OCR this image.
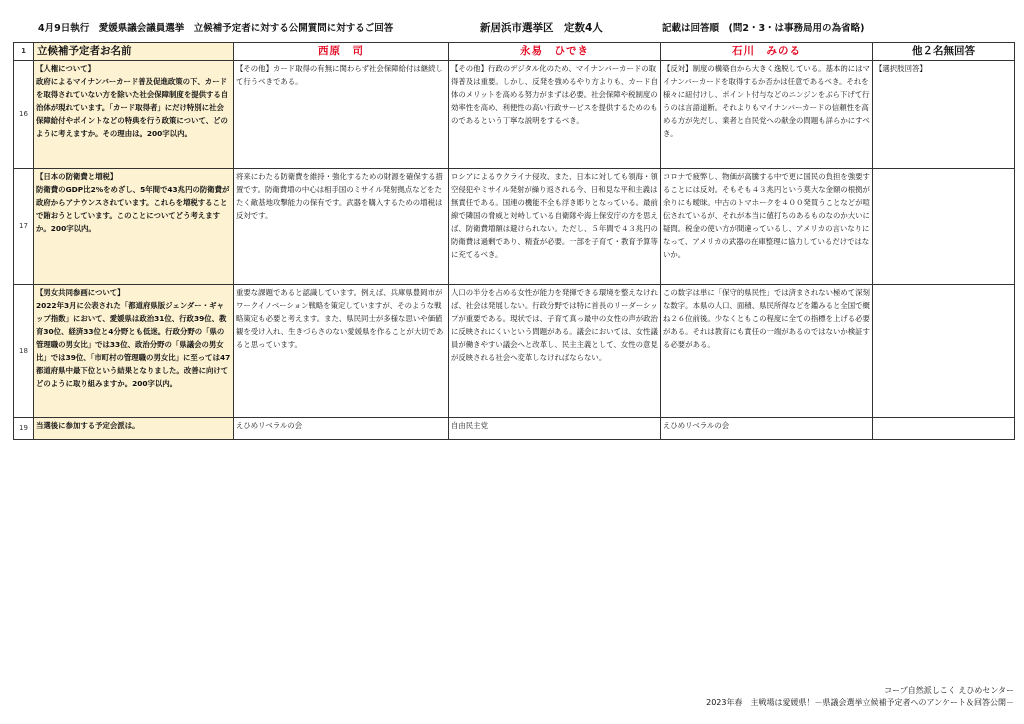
4月9日執行　愛媛県議会議員選挙　立候補予定者に対する公開質問に対するご回答	新居浜市選挙区　定数4人	記載は回答順　(問2・3・は事務局用の為省略)
1	立候補予定者お名前	西原　司	永易　ひでき	石川　みのる	他２名無回答
16	【人権について】
政府によるマイナンバーカード普及促進政策の下、カードを取得されていない方を除いた社会保障制度を提供する自治体が現れています。「カード取得者」にだけ特別に社会保障給付やポイントなどの特典を行う政策について、どのように考えますか。その理由は。200字以内。	【その他】カード取得の有無に関わらず社会保障給付は継続して行うべきである。	【その他】行政のデジタル化のため、マイナンバーカードの取得普及は重要。しかし、反発を強めるやり方よりも、カード自体のメリットを高める努力がまずは必要。社会保障や税制度の効率性を高め、利便性の高い行政サービスを提供するためのものであるという丁寧な説明をするべき。	【反対】制度の構築自から大きく逸脱している。基本的にはマイナンバーカードを取得するか否かは任意であるべき。それを様々に紐付けし、ポイント付与などのニンジンをぶら下げて行うのは言語道断。それよりもマイナンバーカードの信頼性を高める方が先だし、業者と自民党への献金の問題も詳らかにすべき。	【選択肢回答】
17	【日本の防衛費と増税】
防衛費のGDP比2%をめざし、5年間で43兆円の防衛費が政府からアナウンスされています。これらを増税することで賄おうとしています。このことについてどう考えますか。200字以内。	将来にわたる防衛費を維持・強化するための財源を確保する措置です。防衛費増の中心は相手国のミサイル発射拠点などをたたく敵基地攻撃能力の保有です。武器を購入するための増税は反対です。	ロシアによるウクライナ侵攻、また、日本に対しても領海・領空侵犯やミサイル発射が繰り返される今、日和見な平和主義は無責任である。国連の機能不全も浮き彫りとなっている。最前線で隣国の脅威と対峙している自衛隊や海上保安庁の方を思えば、防衛費増額は避けられない。ただし、５年間で４３兆円の防衛費は過剰であり、精査が必要。一部を子育て・教育予算等に充てるべき。	コロナで疲弊し、物価が高騰する中で更に国民の負担を強要することには反対。そもそも４３兆円という莫大な金額の根拠が余りにも曖昧。中古のトマホークを４００発買うことなどが喧伝されているが、それが本当に値打ちのあるものなのか大いに疑問。税金の使い方が間違っているし、アメリカの言いなりになって、アメリカの武器の在庫整理に協力しているだけではないか。	
18	【男女共同参画について】
2022年3月に公表された「都道府県版ジェンダー・ギャップ指数」において、愛媛県は政治31位、行政39位、教育30位、経済33位と4分野とも低迷。行政分野の「県の管理職の男女比」では33位、政治分野の「県議会の男女比」では39位、「市町村の管理職の男女比」に至っては47都道府県中最下位という結果となりました。改善に向けてどのように取り組みますか。200字以内。	重要な課題であると認識しています。例えば、兵庫県豊岡市がワークイノベーション戦略を策定していますが、そのような戦略策定も必要と考えます。また、県民同士が多様な思いや価値観を受け入れ、生きづらさのない愛媛県を作ることが大切であると思っています。	人口の半分を占める女性が能力を発揮できる環境を整えなければ、社会は発展しない。行政分野では特に首長のリーダーシップが重要である。現状では、子育て真っ最中の女性の声が政治に反映されにくいという問題がある。議会においては、女性議員が働きやすい議会へと改革し、民主主義として、女性の意見が反映される社会へ変革しなければならない。	この数字は単に「保守的県民性」では済まされない極めて深刻な数字。本県の人口、面積、県民所得などを鑑みると全国で概ね２６位前後。少なくともこの程度に全ての指標を上げる必要がある。それは教育にも責任の一端があるのではないか検証する必要がある。	
19	当選後に参加する予定会派は。	えひめリベラルの会	自由民主党	えひめリベラルの会	
コープ自然派しこく えひめセンター
2023年春　主戦場は愛媛県！－県議会選挙立候補予定者へのアンケート＆回答公開－
